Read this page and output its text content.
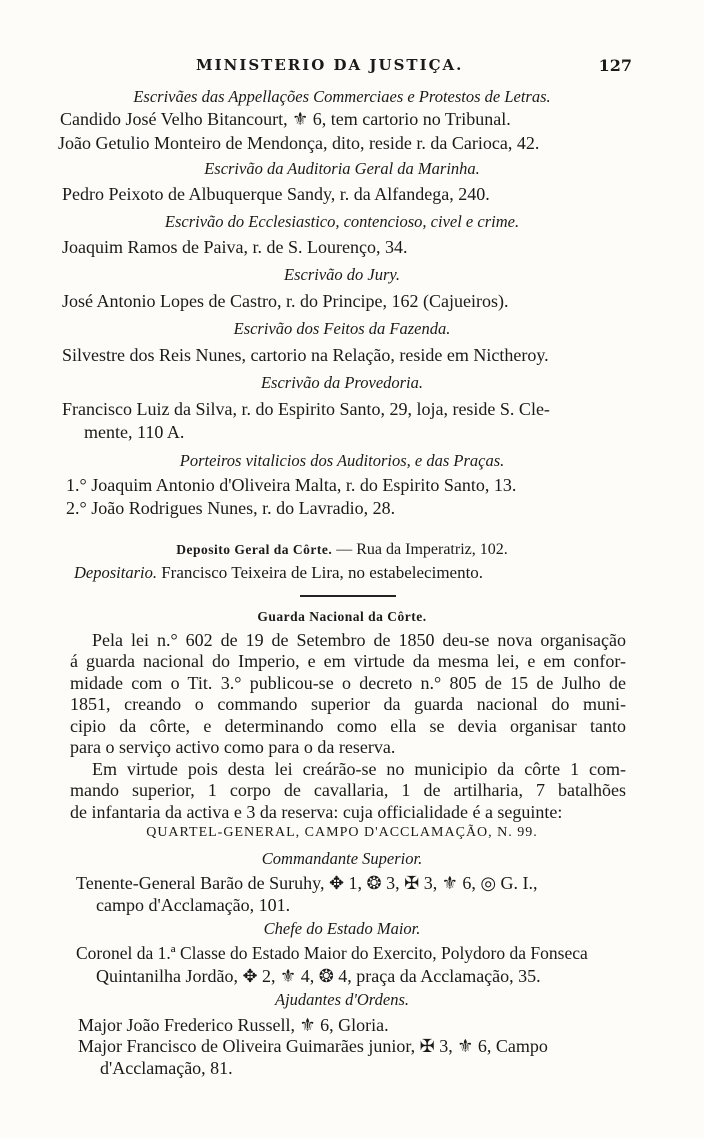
MINISTERIO DA JUSTIÇA.	127
Escrivães das Appellações Commerciaes e Protestos de Letras.
Candido José Velho Bitancourt, ⚜ 6, tem cartorio no Tribunal.
João Getulio Monteiro de Mendonça, dito, reside r. da Carioca, 42.
Escrivão da Auditoria Geral da Marinha.
Pedro Peixoto de Albuquerque Sandy, r. da Alfandega, 240.
Escrivão do Ecclesiastico, contencioso, civel e crime.
Joaquim Ramos de Paiva, r. de S. Lourenço, 34.
Escrivão do Jury.
José Antonio Lopes de Castro, r. do Principe, 162 (Cajueiros).
Escrivão dos Feitos da Fazenda.
Silvestre dos Reis Nunes, cartorio na Relação, reside em Nictheroy.
Escrivão da Provedoria.
Francisco Luiz da Silva, r. do Espirito Santo, 29, loja, reside S. Cle-
mente, 110 A.
Porteiros vitalicios dos Auditorios, e das Praças.
1.° Joaquim Antonio d'Oliveira Malta, r. do Espirito Santo, 13.
2.° João Rodrigues Nunes, r. do Lavradio, 28.
Deposito Geral da Côrte. — Rua da Imperatriz, 102.
Depositario. Francisco Teixeira de Lira, no estabelecimento.
Guarda Nacional da Côrte.
Pela lei n.° 602 de 19 de Setembro de 1850 deu-se nova organisação
á guarda nacional do Imperio, e em virtude da mesma lei, e em confor-
midade com o Tit. 3.° publicou-se o decreto n.° 805 de 15 de Julho de
1851, creando o commando superior da guarda nacional do muni-
cipio da côrte, e determinando como ella se devia organisar tanto
para o serviço activo como para o da reserva.
Em virtude pois desta lei creárão-se no municipio da côrte 1 com-
mando superior, 1 corpo de cavallaria, 1 de artilharia, 7 batalhões
de infantaria da activa e 3 da reserva: cuja officialidade é a seguinte:
QUARTEL-GENERAL, CAMPO D'ACCLAMAÇÃO, N. 99.
Commandante Superior.
Tenente-General Barão de Suruhy, ✥ 1, ❂ 3, ✠ 3, ⚜ 6, ◎ G. I.,
campo d'Acclamação, 101.
Chefe do Estado Maior.
Coronel da 1.ª Classe do Estado Maior do Exercito, Polydoro da Fonseca
Quintanilha Jordão, ✥ 2, ⚜ 4, ❂ 4, praça da Acclamação, 35.
Ajudantes d'Ordens.
Major João Frederico Russell, ⚜ 6, Gloria.
Major Francisco de Oliveira Guimarães junior, ✠ 3, ⚜ 6, Campo
d'Acclamação, 81.
